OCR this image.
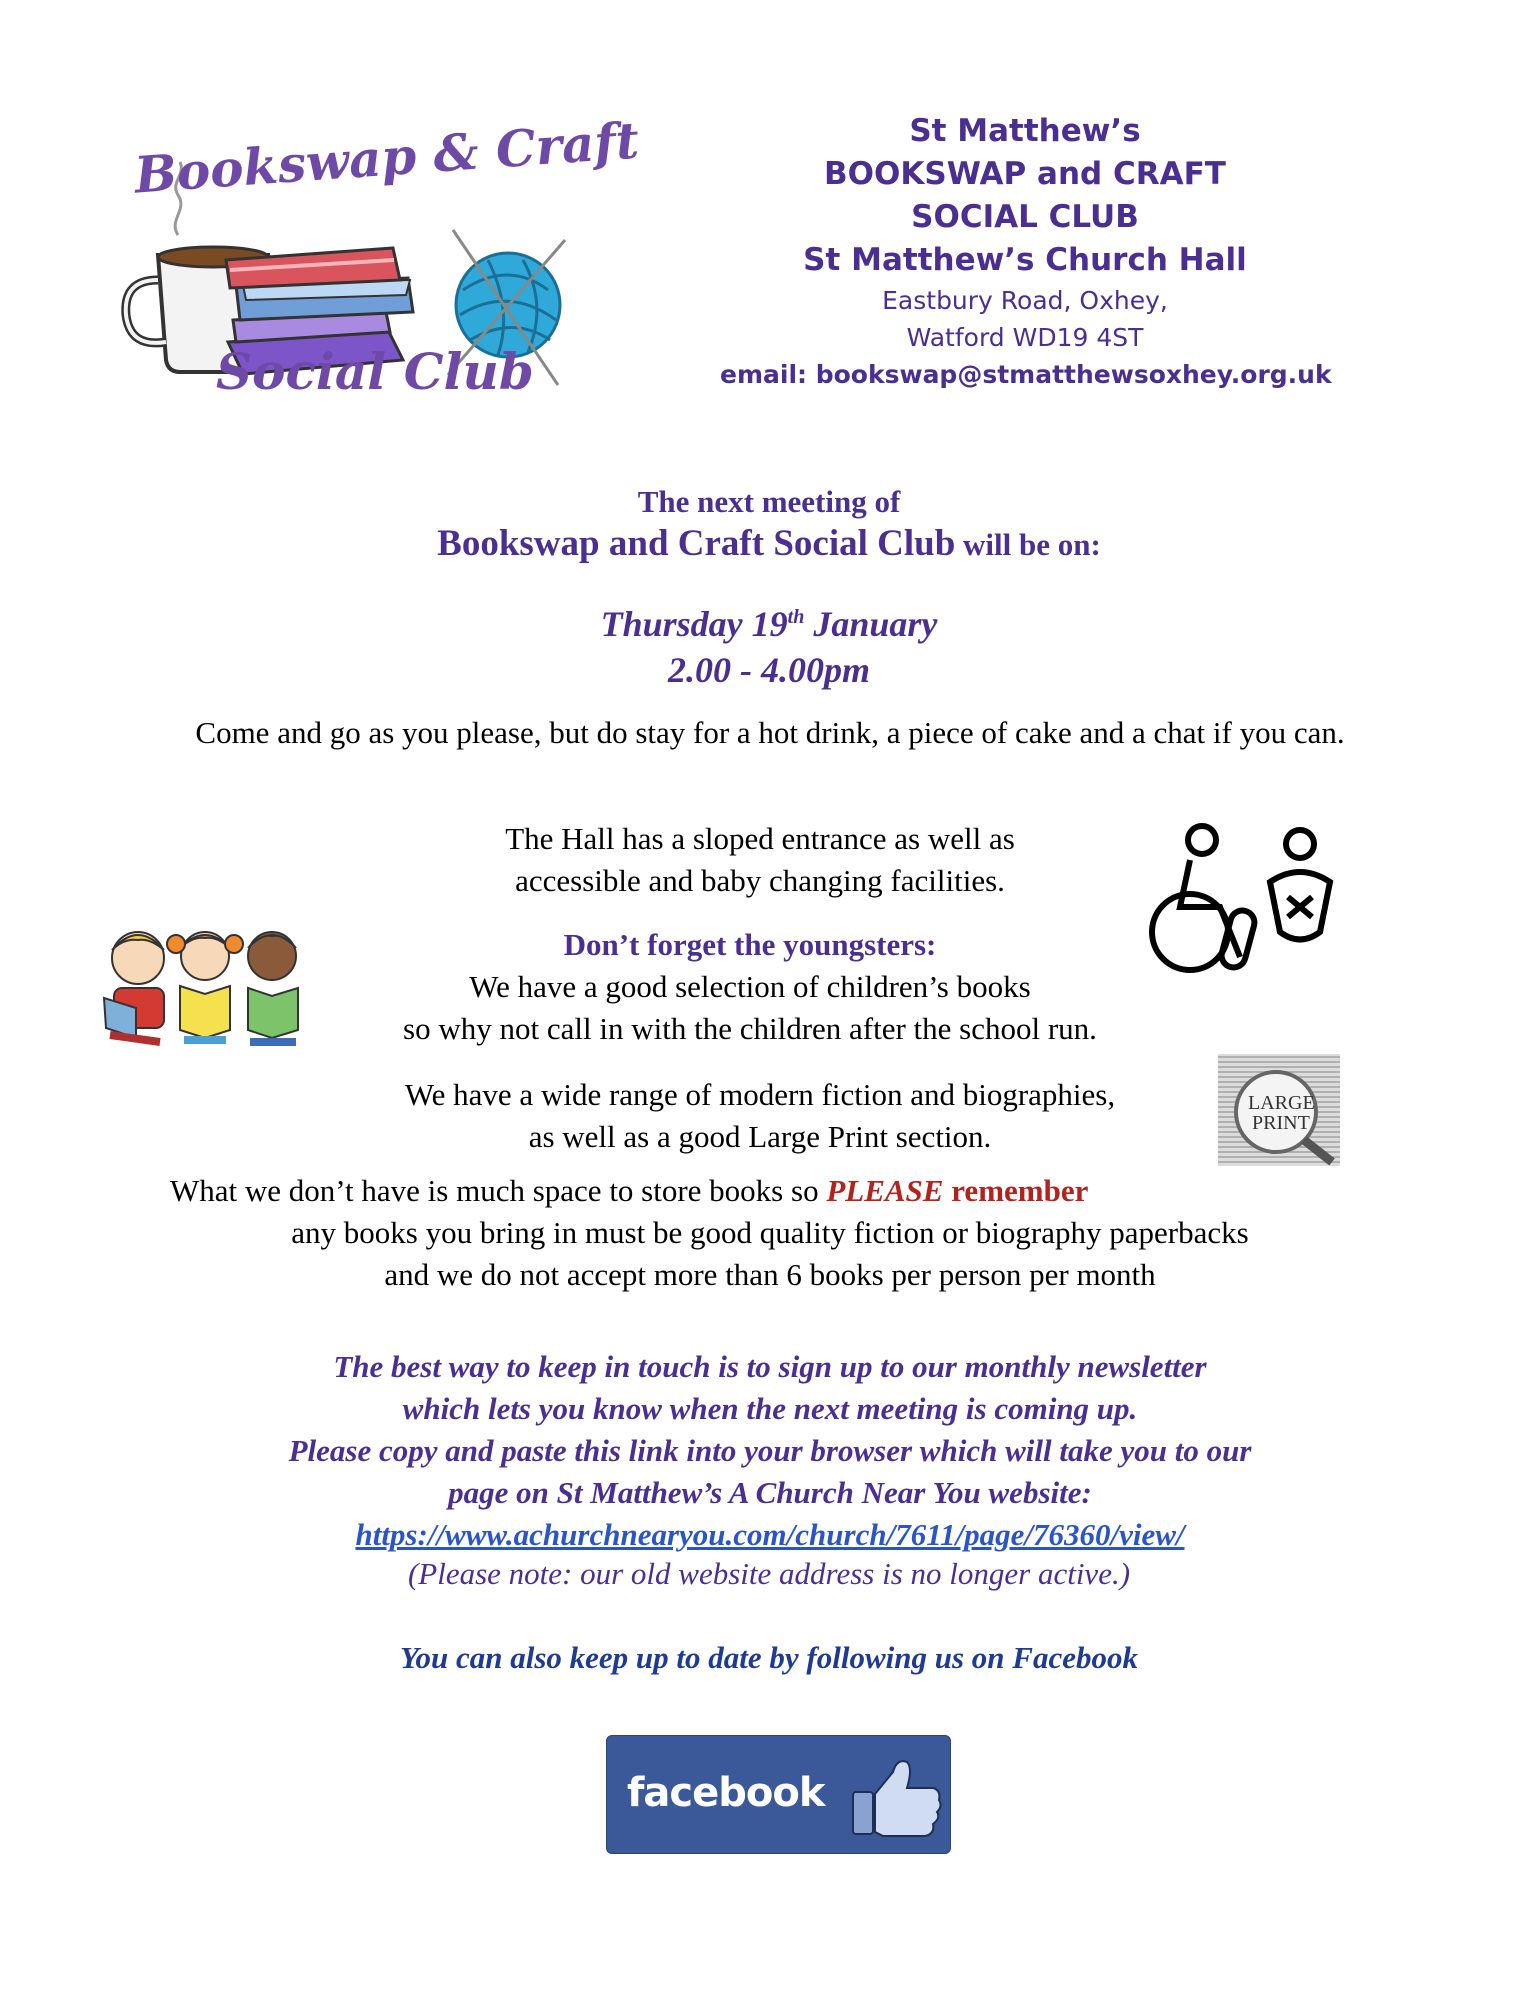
Bookswap & Craft
Social Club
St Matthew’s
BOOKSWAP and CRAFT
SOCIAL CLUB
St Matthew’s Church Hall
Eastbury Road, Oxhey,
Watford WD19 4ST
email: bookswap@stmatthewsoxhey.org.uk
The next meeting of
Bookswap and Craft Social Club will be on:
Thursday 19th January
2.00 - 4.00pm
Come and go as you please, but do stay for a hot drink, a piece of cake and a chat if you can.
The Hall has a sloped entrance as well as
accessible and baby changing facilities.
Don’t forget the youngsters:
We have a good selection of children’s books
so why not call in with the children after the school run.
We have a wide range of modern fiction and biographies,
as well as a good Large Print section.
LARGE
PRINT
What we don’t have is much space to store books so PLEASE remember
any books you bring in must be good quality fiction or biography paperbacks
and we do not accept more than 6 books per person per month
The best way to keep in touch is to sign up to our monthly newsletter
which lets you know when the next meeting is coming up.
Please copy and paste this link into your browser which will take you to our
page on St Matthew’s A Church Near You website:
https://www.achurchnearyou.com/church/7611/page/76360/view/
(Please note: our old website address is no longer active.)
You can also keep up to date by following us on Facebook
facebook
